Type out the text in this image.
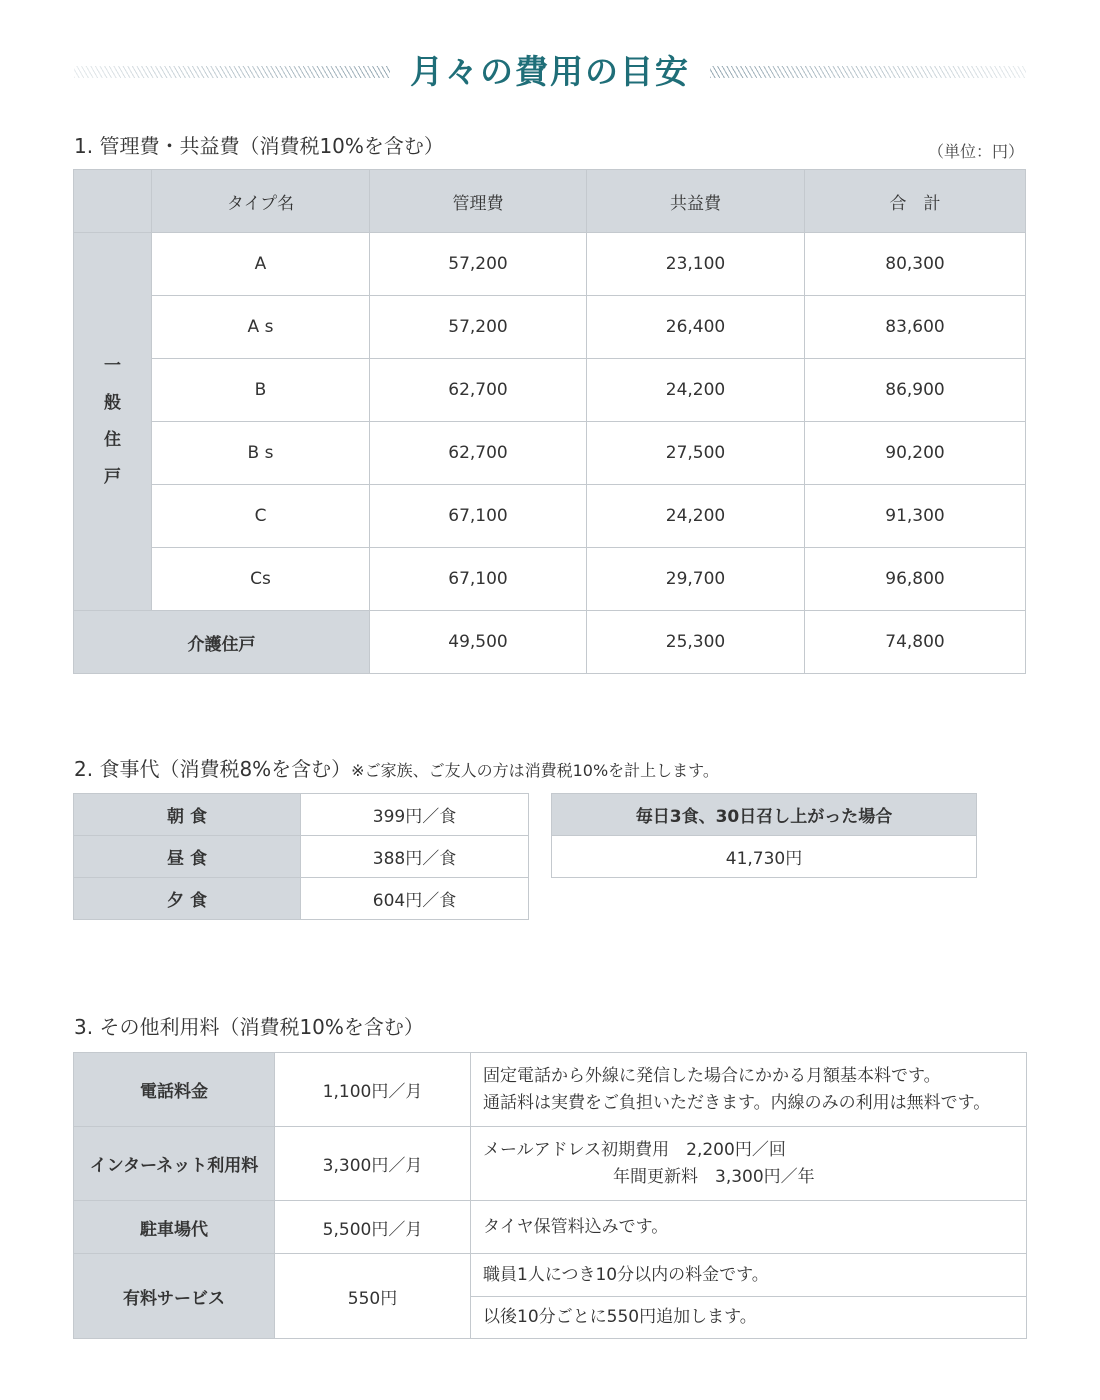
月々の費用の目安
1. 管理費・共益費（消費税10%を含む）	（単位：円）
	タイプ名	管理費	共益費	合　計

一
般
住
戸	A	57,200	23,100	80,300
	A s	57,200	26,400	83,600
	B	62,700	24,200	86,900
	B s	62,700	27,500	90,200
	C	67,100	24,200	91,300
	Cs	67,100	29,700	96,800
介護住戸		49,500	25,300	74,800
2. 食事代（消費税8%を含む）※ご家族、ご友人の方は消費税10%を計上します。
朝 食	399円／食
昼 食	388円／食
夕 食	604円／食
毎日3食、30日召し上がった場合
41,730円
3. その他利用料（消費税10%を含む）
電話料金	1,100円／月	固定電話から外線に発信した場合にかかる月額基本料です。
通話料は実費をご負担いただきます。内線のみの利用は無料です。

インターネット利用料	3,300円／月	メールアドレス初期費用　2,200円／回
年間更新料　3,300円／年

駐車場代	5,500円／月	タイヤ保管料込みです。
有料サービス	550円	職員1人につき10分以内の料金です。
		以後10分ごとに550円追加します。
